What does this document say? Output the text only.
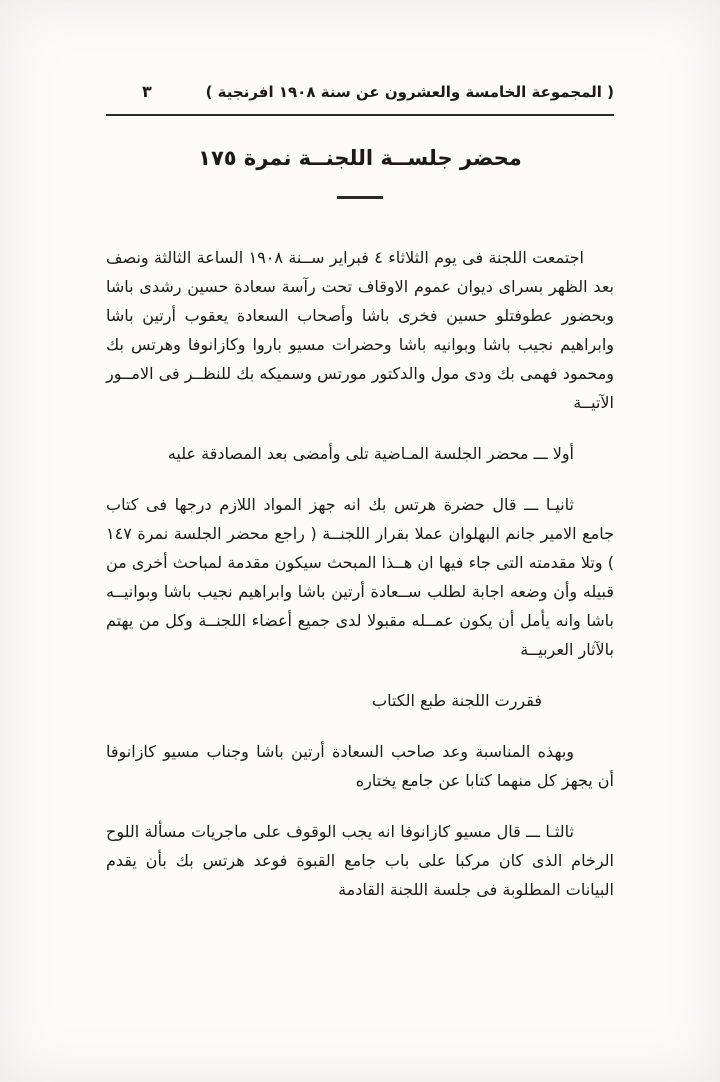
( المجموعة الخامسة والعشرون عن سنة ١٩٠٨ افرنجية )
٣
محضر جلســة اللجنــة نمرة ١٧٥

اجتمعت اللجنة فى يوم الثلاثاء ٤ فبراير ســنة ١٩٠٨ الساعة الثالثة ونصف بعد الظهر بسراى ديوان عموم الاوقاف تحت رآسة سعادة حسين رشدى باشا وبحضور عطوفتلو حسين فخرى باشا وأصحاب السعادة يعقوب أرتين باشا وابراهيم نجيب باشا وبوانيه باشا وحضرات مسيو باروا وكازانوفا وهرتس بك ومحمود فهمى بك ودى مول والدكتور مورتس وسميكه بك للنظــر فى الامــور الآتيــة

أولا ـــ محضر الجلسة المـاضية تلى وأمضى بعد المصادقة عليه

ثانيـا ـــ قال حضرة هرتس بك انه جهز المواد اللازم درجها فى كتاب جامع الامير جانم البهلوان عملا بقرار اللجنــة ( راجع محضر الجلسة نمرة ١٤٧ ) وتلا مقدمته التى جاء فيها ان هــذا المبحث سيكون مقدمة لمباحث أخرى من قبيله وأن وضعه اجابة لطلب ســعادة أرتين باشا وابراهيم نجيب باشا وبوانيــه باشا وانه يأمل أن يكون عمــله مقبولا لدى جميع أعضاء اللجنــة وكل من يهتم بالآثار العربيــة

فقررت اللجنة طبع الكتاب

وبهذه المناسبة وعد صاحب السعادة أرتين باشا وجناب مسيو كازانوفا أن يجهز كل منهما كتابا عن جامع يختاره

ثالثـا ـــ قال مسيو كازانوفا انه يجب الوقوف على ماجريات مسألة اللوح الرخام الذى كان مركبا على باب جامع القبوة فوعد هرتس بك بأن يقدم البيانات المطلوبة فى جلسة اللجنة القادمة
